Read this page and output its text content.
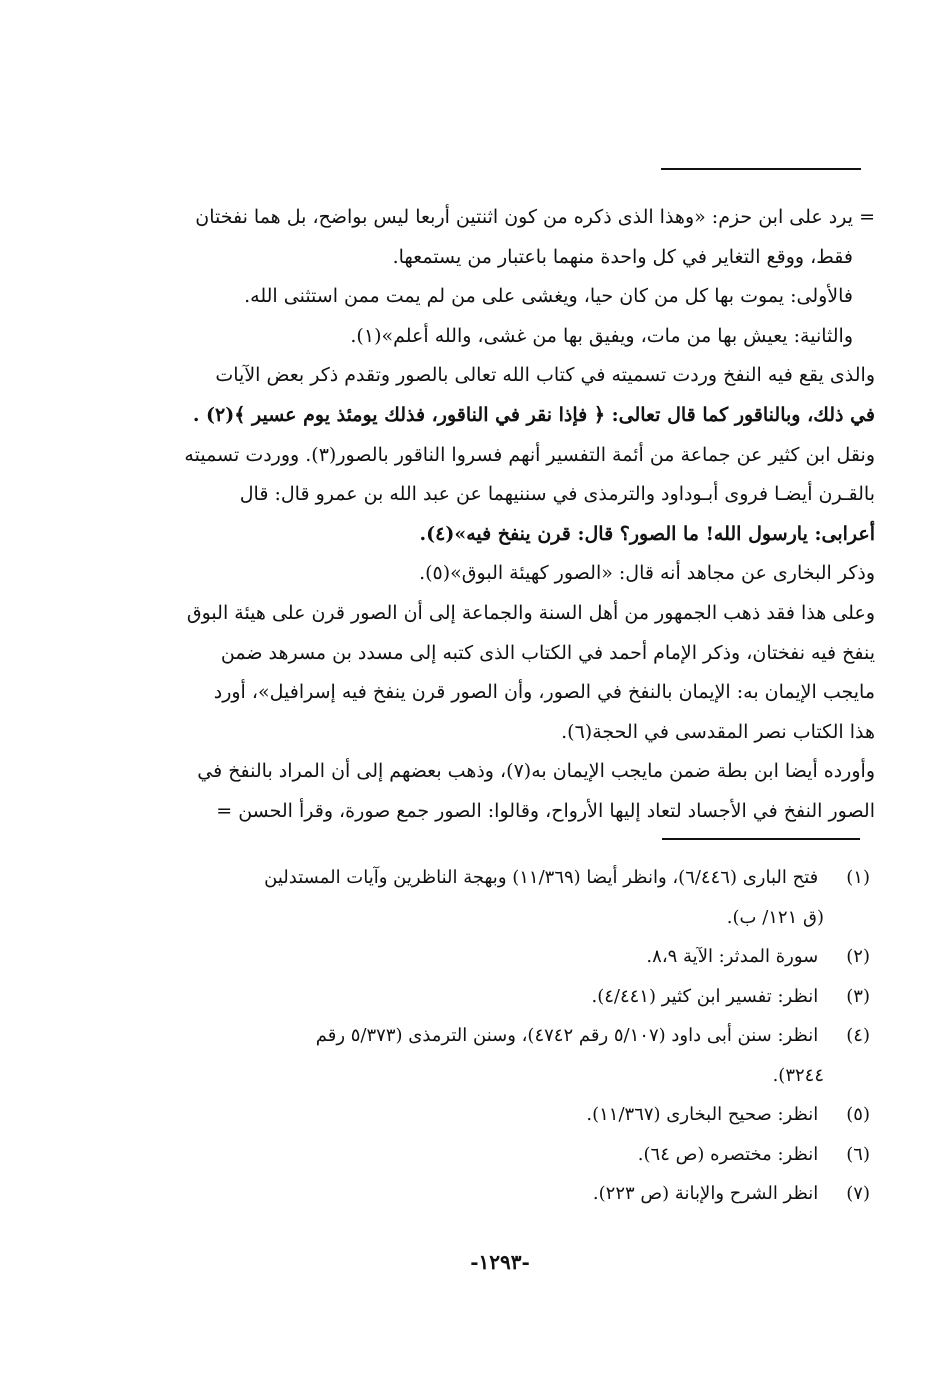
= يرد على ابن حزم: «وهذا الذى ذكره من كون اثنتين أربعا ليس بواضح، بل هما نفختان
فقط، ووقع التغاير في كل واحدة منهما باعتبار من يستمعها.
فالأولى: يموت بها كل من كان حيا، ويغشى على من لم يمت ممن استثنى الله.
والثانية: يعيش بها من مات، ويفيق بها من غشى، والله أعلم»(١).
والذى يقع فيه النفخ وردت تسميته في كتاب الله تعالى بالصور وتقدم ذكر بعض الآيات
في ذلك، وبالناقور كما قال تعالى: ﴿ فإذا نقر في الناقور، فذلك يومئذ يوم عسير ﴾(٢) .
ونقل ابن كثير عن جماعة من أئمة التفسير أنهم فسروا الناقور بالصور(٣). ووردت تسميته
بالقـرن أيضـا فروى أبـوداود والترمذى في سننيهما عن عبد الله بن عمرو قال: قال
أعرابى: يارسول الله! ما الصور؟ قال: قرن ينفخ فيه»(٤).
وذكر البخارى عن مجاهد أنه قال: «الصور كهيئة البوق»(٥).
وعلى هذا فقد ذهب الجمهور من أهل السنة والجماعة إلى أن الصور قرن على هيئة البوق
ينفخ فيه نفختان، وذكر الإمام أحمد في الكتاب الذى كتبه إلى مسدد بن مسرهد ضمن
مايجب الإيمان به: الإيمان بالنفخ في الصور، وأن الصور قرن ينفخ فيه إسرافيل»، أورد
هذا الكتاب نصر المقدسى في الحجة(٦).
وأورده أيضا ابن بطة ضمن مايجب الإيمان به(٧)، وذهب بعضهم إلى أن المراد بالنفخ في
الصور النفخ في الأجساد لتعاد إليها الأرواح، وقالوا: الصور جمع صورة، وقرأ الحسن =
(١) فتح البارى (٦/٤٤٦)، وانظر أيضا (١١/٣٦٩) وبهجة الناظرين وآيات المستدلين
(ق ١٢١/ ب).
(٢) سورة المدثر: الآية ٨،٩.
(٣) انظر: تفسير ابن كثير (٤/٤٤١).
(٤) انظر: سنن أبى داود (٥/١٠٧ رقم ٤٧٤٢)، وسنن الترمذى (٥/٣٧٣ رقم
٣٢٤٤).
(٥) انظر: صحيح البخارى (١١/٣٦٧).
(٦) انظر: مختصره (ص ٦٤).
(٧) انظر الشرح والإبانة (ص ٢٢٣).
-١٢٩٣-
